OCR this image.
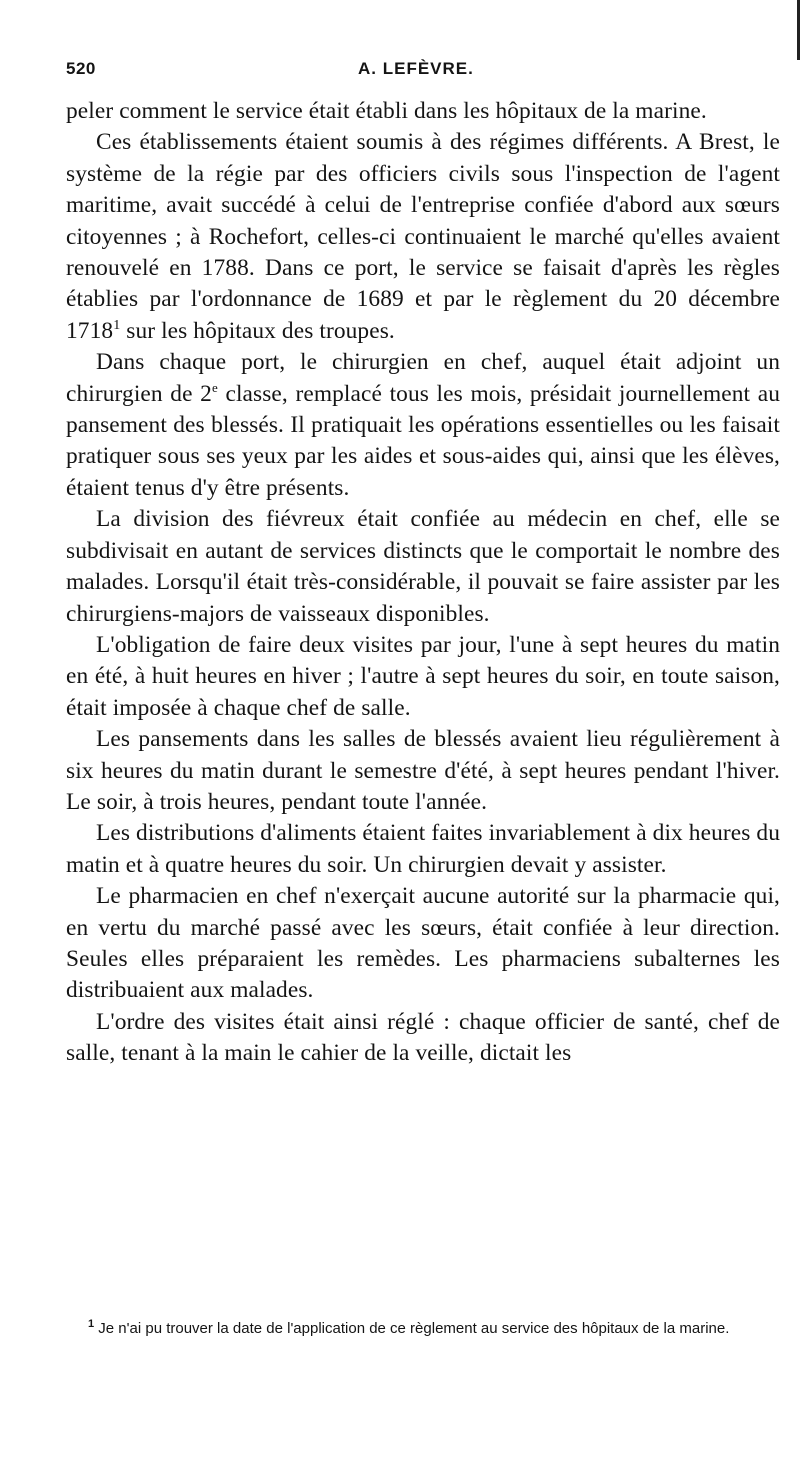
520	A. LEFÈVRE.

peler comment le service était établi dans les hôpitaux de la marine.

Ces établissements étaient soumis à des régimes différents. A Brest, le système de la régie par des officiers civils sous l'inspection de l'agent maritime, avait succédé à celui de l'entreprise confiée d'abord aux sœurs citoyennes ; à Rochefort, celles-ci continuaient le marché qu'elles avaient renouvelé en 1788. Dans ce port, le service se faisait d'après les règles établies par l'ordonnance de 1689 et par le règlement du 20 décembre 1718$^1$ sur les hôpitaux des troupes.

Dans chaque port, le chirurgien en chef, auquel était adjoint un chirurgien de 2e classe, remplacé tous les mois, présidait journellement au pansement des blessés. Il pratiquait les opérations essentielles ou les faisait pratiquer sous ses yeux par les aides et sous-aides qui, ainsi que les élèves, étaient tenus d'y être présents.

La division des fiévreux était confiée au médecin en chef, elle se subdivisait en autant de services distincts que le comportait le nombre des malades. Lorsqu'il était très-considérable, il pouvait se faire assister par les chirurgiens-majors de vaisseaux disponibles.

L'obligation de faire deux visites par jour, l'une à sept heures du matin en été, à huit heures en hiver ; l'autre à sept heures du soir, en toute saison, était imposée à chaque chef de salle.

Les pansements dans les salles de blessés avaient lieu régulièrement à six heures du matin durant le semestre d'été, à sept heures pendant l'hiver. Le soir, à trois heures, pendant toute l'année.

Les distributions d'aliments étaient faites invariablement à dix heures du matin et à quatre heures du soir. Un chirurgien devait y assister.

Le pharmacien en chef n'exerçait aucune autorité sur la pharmacie qui, en vertu du marché passé avec les sœurs, était confiée à leur direction. Seules elles préparaient les remèdes. Les pharmaciens subalternes les distribuaient aux malades.

L'ordre des visites était ainsi réglé : chaque officier de santé, chef de salle, tenant à la main le cahier de la veille, dictait les

$^1$ Je n'ai pu trouver la date de l'application de ce règlement au service des hôpitaux de la marine.
